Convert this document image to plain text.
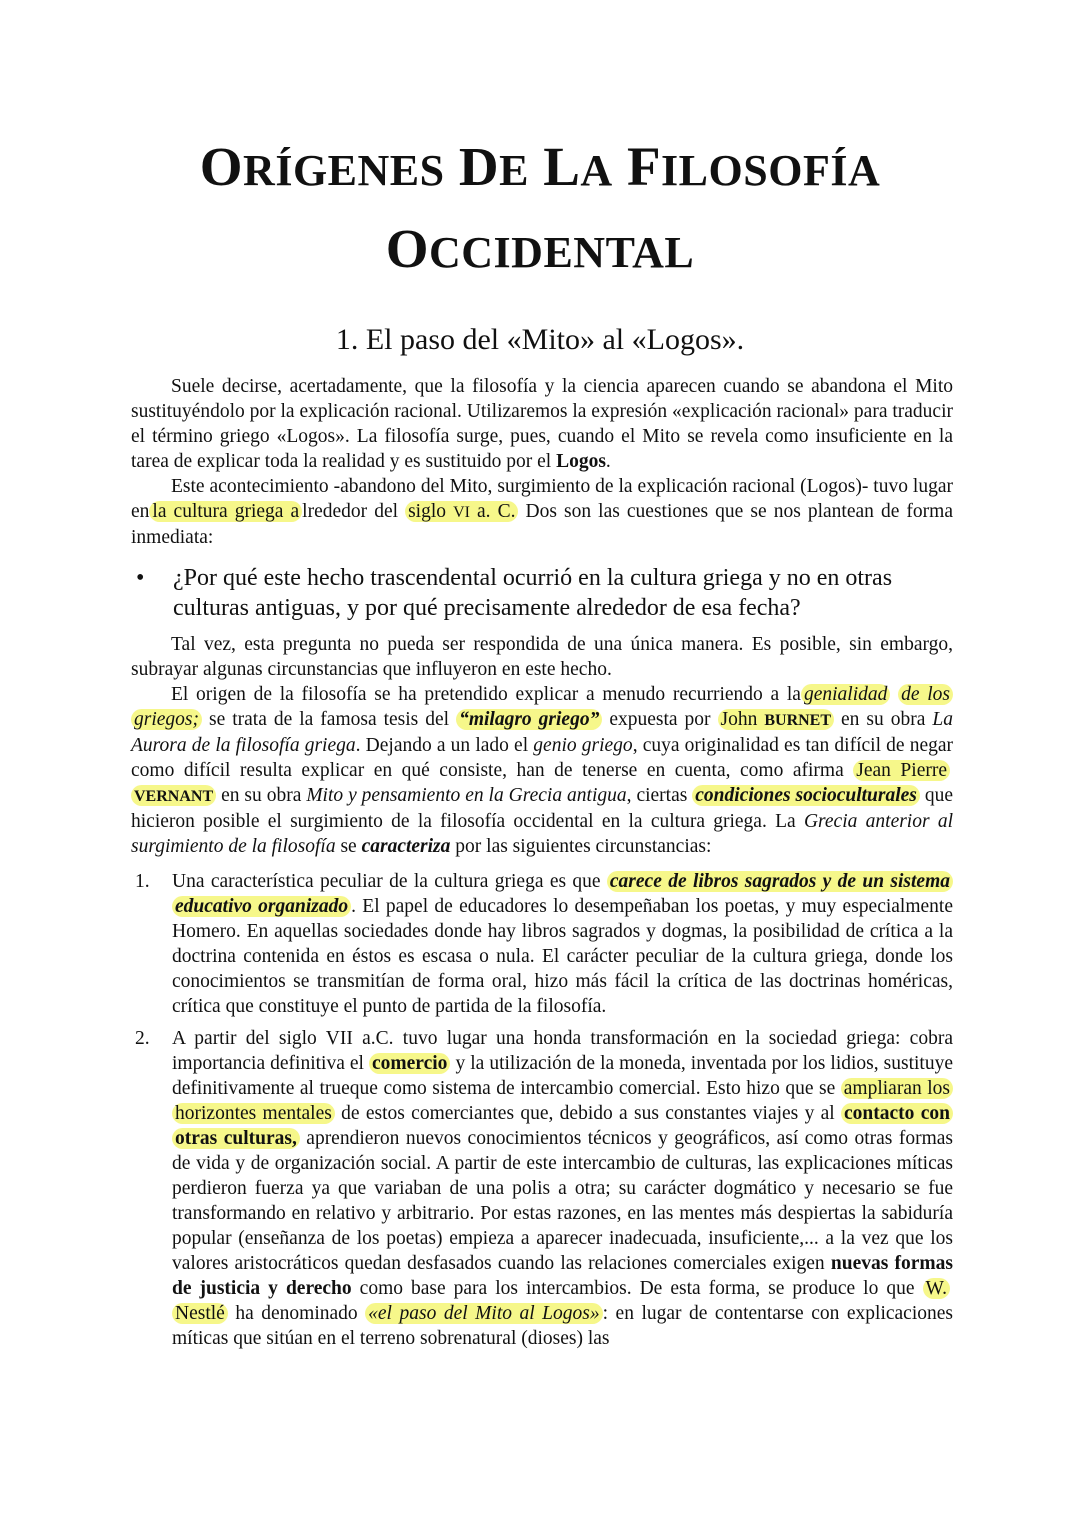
ORÍGENES DE LA FILOSOFÍA
OCCIDENTAL
1. El paso del «Mito» al «Logos».

Suele decirse, acertadamente, que la filosofía y la ciencia aparecen cuando se abandona el Mito sustituyéndolo por la explicación racional. Utilizaremos la expresión «explicación racional» para traducir el término griego «Logos». La filosofía surge, pues, cuando el Mito se revela como insuficiente en la tarea de explicar toda la realidad y es sustituido por el Logos.

Este acontecimiento -abandono del Mito, surgimiento de la explicación racional (Logos)- tuvo lugar en la cultura griega a lrededor del siglo VI a. C. Dos son las cuestiones que se nos plantean de forma inmediata:

•	¿Por qué este hecho trascendental ocurrió en la cultura griega y no en otras culturas antiguas, y por qué precisamente alrededor de esa fecha?

Tal vez, esta pregunta no pueda ser respondida de una única manera. Es posible, sin embargo, subrayar algunas circunstancias que influyeron en este hecho.

El origen de la filosofía se ha pretendido explicar a menudo recurriendo a la genialidad de los griegos; se trata de la famosa tesis del “milagro griego” expuesta por John BURNET en su obra La Aurora de la filosofía griega. Dejando a un lado el genio griego, cuya originalidad es tan difícil de negar como difícil resulta explicar en qué consiste, han de tenerse en cuenta, como afirma Jean Pierre VERNANT en su obra Mito y pensamiento en la Grecia antigua, ciertas condiciones socioculturales que hicieron posible el surgimiento de la filosofía occidental en la cultura griega. La Grecia anterior al surgimiento de la filosofía se caracteriza por las siguientes circunstancias:

1.	Una característica peculiar de la cultura griega es que carece de libros sagrados y de un sistema educativo organizado . El papel de educadores lo desempeñaban los poetas, y muy especialmente Homero. En aquellas sociedades donde hay libros sagrados y dogmas, la posibilidad de crítica a la doctrina contenida en éstos es escasa o nula. El carácter peculiar de la cultura griega, donde los conocimientos se transmitían de forma oral, hizo más fácil la crítica de las doctrinas homéricas, crítica que constituye el punto de partida de la filosofía.
2.	A partir del siglo VII a.C. tuvo lugar una honda transformación en la sociedad griega: cobra importancia definitiva el comercio y la utilización de la moneda, inventada por los lidios, sustituye definitivamente al trueque como sistema de intercambio comercial. Esto hizo que se ampliaran los horizontes mentales de estos comerciantes que, debido a sus constantes viajes y al contacto con otras culturas, aprendieron nuevos conocimientos técnicos y geográficos, así como otras formas de vida y de organización social. A partir de este intercambio de culturas, las explicaciones míticas perdieron fuerza ya que variaban de una polis a otra; su carácter dogmático y necesario se fue transformando en relativo y arbitrario. Por estas razones, en las mentes más despiertas la sabiduría popular (enseñanza de los poetas) empieza a aparecer inadecuada, insuficiente,... a la vez que los valores aristocráticos quedan desfasados cuando las relaciones comerciales exigen nuevas formas de justicia y derecho como base para los intercambios. De esta forma, se produce lo que W. Nestlé ha denominado «el paso del Mito al Logos» : en lugar de contentarse con explicaciones míticas que sitúan en el terreno sobrenatural (dioses) las
